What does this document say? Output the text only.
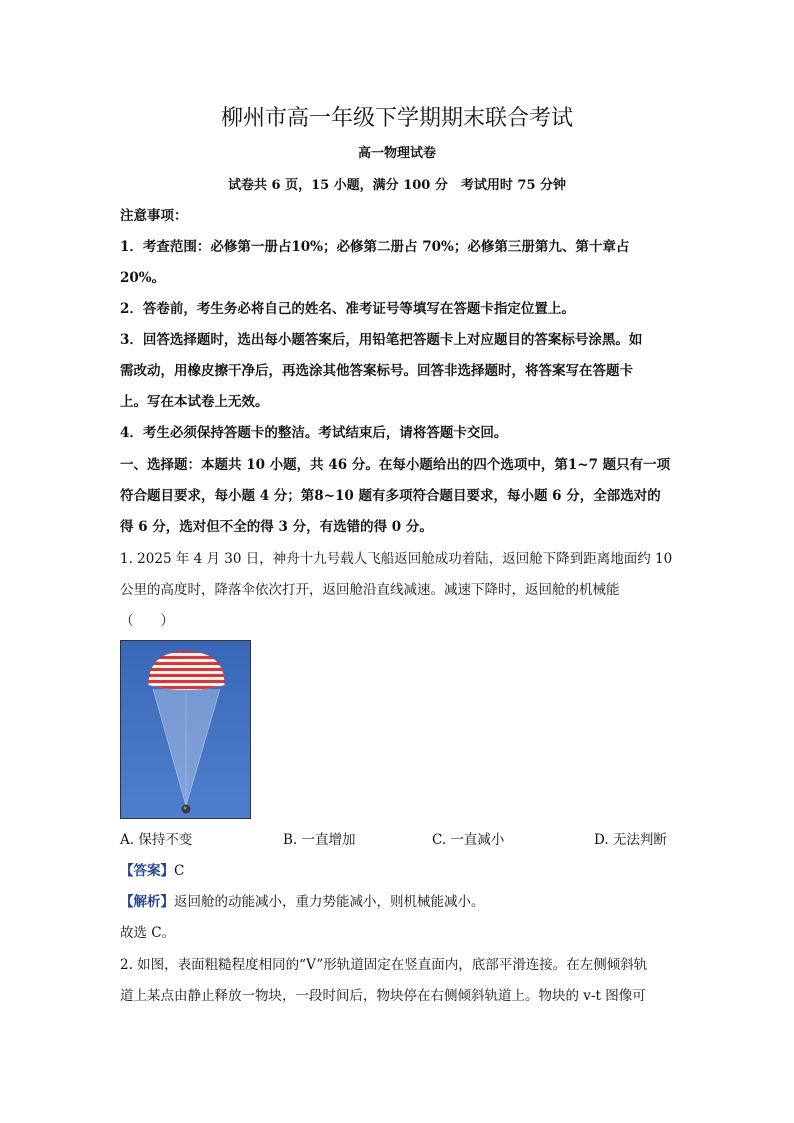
柳州市高一年级下学期期末联合考试
高一物理试卷
试卷共 6 页，15 小题，满分 100 分　考试用时 75 分钟
注意事项：
1．考查范围：必修第一册占10%；必修第二册占 70%；必修第三册第九、第十章占
20%。
2．答卷前，考生务必将自己的姓名、准考证号等填写在答题卡指定位置上。
3．回答选择题时，选出每小题答案后，用铅笔把答题卡上对应题目的答案标号涂黑。如
需改动，用橡皮擦干净后，再选涂其他答案标号。回答非选择题时，将答案写在答题卡
上。写在本试卷上无效。
4．考生必须保持答题卡的整洁。考试结束后，请将答题卡交回。
一、选择题：本题共 10 小题，共 46 分。在每小题给出的四个选项中，第1~7 题只有一项
符合题目要求，每小题 4 分；第8~10 题有多项符合题目要求，每小题 6 分，全部选对的
得 6 分，选对但不全的得 3 分，有选错的得 0 分。
1. 2025 年 4 月 30 日，神舟十九号载人飞船返回舱成功着陆，返回舱下降到距离地面约 10
公里的高度时，降落伞依次打开，返回舱沿直线减速。减速下降时，返回舱的机械能
（　　）
A. 保持不变	B. 一直增加	C. 一直减小	D. 无法判断
【答案】C
【解析】返回舱的动能减小，重力势能减小，则机械能减小。
故选 C。
2. 如图，表面粗糙程度相同的“V”形轨道固定在竖直面内，底部平滑连接。在左侧倾斜轨
道上某点由静止释放一物块，一段时间后，物块停在右侧倾斜轨道上。物块的 v-t 图像可
